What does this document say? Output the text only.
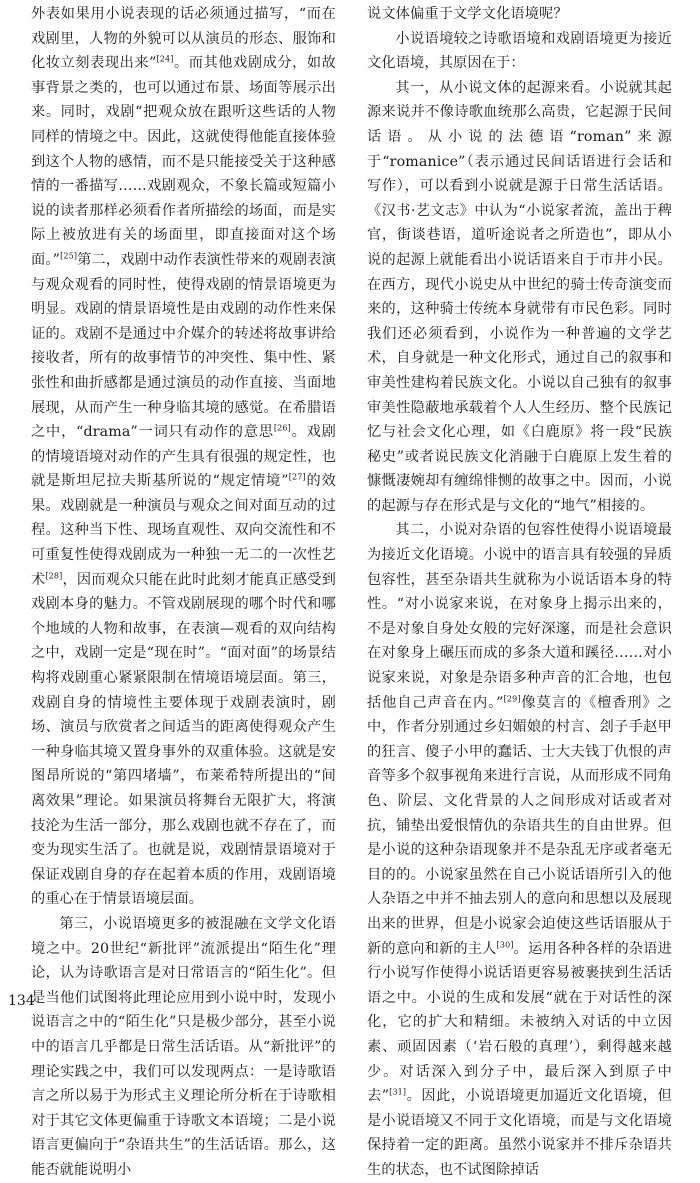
外表如果用小说表现的话必须通过描写，“而在戏剧里，人物的外貌可以从演员的形态、服饰和化妆立刻表现出来”[24]。而其他戏剧成分，如故事背景之类的，也可以通过布景、场面等展示出来。同时，戏剧“把观众放在跟听这些话的人物同样的情境之中。因此，这就使得他能直接体验到这个人物的感情，而不是只能接受关于这种感情的一番描写……戏剧观众，不象长篇或短篇小说的读者那样必须看作者所描绘的场面，而是实际上被放进有关的场面里，即直接面对这个场面。”[25]第二，戏剧中动作表演性带来的观剧表演与观众观看的同时性，使得戏剧的情景语境更为明显。戏剧的情景语境性是由戏剧的动作性来保证的。戏剧不是通过中介媒介的转述将故事讲给接收者，所有的故事情节的冲突性、集中性、紧张性和曲折感都是通过演员的动作直接、当面地展现，从而产生一种身临其境的感觉。在希腊语之中，“drama”一词只有动作的意思[26]。戏剧的情境语境对动作的产生具有很强的规定性，也就是斯坦尼拉夫斯基所说的“规定情境”[27]的效果。戏剧就是一种演员与观众之间对面互动的过程。这种当下性、现场直观性、双向交流性和不可重复性使得戏剧成为一种独一无二的一次性艺术[28]，因而观众只能在此时此刻才能真正感受到戏剧本身的魅力。不管戏剧展现的哪个时代和哪个地域的人物和故事，在表演—观看的双向结构之中，戏剧一定是“现在时”。“面对面”的场景结构将戏剧重心紧紧限制在情境语境层面。第三，戏剧自身的情境性主要体现于戏剧表演时，剧场、演员与欣赏者之间适当的距离使得观众产生一种身临其境又置身事外的双重体验。这就是安图昂所说的“第四堵墙”，布莱希特所提出的“间离效果”理论。如果演员将舞台无限扩大，将演技沦为生活一部分，那么戏剧也就不存在了，而变为现实生活了。也就是说，戏剧情景语境对于保证戏剧自身的存在起着本质的作用，戏剧语境的重心在于情景语境层面。

第三，小说语境更多的被混融在文学文化语境之中。20世纪“新批评”流派提出“陌生化”理论，认为诗歌语言是对日常语言的“陌生化”。但是当他们试图将此理论应用到小说中时，发现小说语言之中的“陌生化”只是极少部分，甚至小说中的语言几乎都是日常生活话语。从“新批评”的理论实践之中，我们可以发现两点：一是诗歌语言之所以易于为形式主义理论所分析在于诗歌相对于其它文体更偏重于诗歌文本语境；二是小说语言更偏向于“杂语共生”的生活话语。那么，这能否就能说明小

说文体偏重于文学文化语境呢？

小说语境较之诗歌语境和戏剧语境更为接近文化语境，其原因在于：

其一，从小说文体的起源来看。小说就其起源来说并不像诗歌血统那么高贵，它起源于民间话语。从小说的法德语“roman”来源于“romanice”（表示通过民间话语进行会话和写作），可以看到小说就是源于日常生活话语。《汉书·艺文志》中认为“小说家者流，盖出于稗官，街谈巷语，道听途说者之所造也”，即从小说的起源上就能看出小说话语来自于市井小民。在西方，现代小说史从中世纪的骑士传奇演变而来的，这种骑士传统本身就带有市民色彩。同时我们还必须看到，小说作为一种普遍的文学艺术，自身就是一种文化形式，通过自己的叙事和审美性建构着民族文化。小说以自己独有的叙事审美性隐蔽地承载着个人人生经历、整个民族记忆与社会文化心理，如《白鹿原》将一段“民族秘史”或者说民族文化消融于白鹿原上发生着的慷慨凄婉却有缠绵悱恻的故事之中。因而，小说的起源与存在形式是与文化的“地气”相接的。

其二，小说对杂语的包容性使得小说语境最为接近文化语境。小说中的语言具有较强的异质包容性，甚至杂语共生就称为小说话语本身的特性。“对小说家来说，在对象身上揭示出来的，不是对象自身处女般的完好深邃，而是社会意识在对象身上碾压而成的多条大道和蹊径……对小说家来说，对象是杂语多种声音的汇合地，也包括他自己声音在内。”[29]像莫言的《檀香刑》之中，作者分别通过乡妇媚娘的村言、刽子手赵甲的狂言、傻子小甲的蠢话、士大夫钱丁仇恨的声音等多个叙事视角来进行言说，从而形成不同角色、阶层、文化背景的人之间形成对话或者对抗，铺垫出爱恨情仇的杂语共生的自由世界。但是小说的这种杂语现象并不是杂乱无序或者毫无目的的。小说家虽然在自己小说话语所引入的他人杂语之中并不抽去别人的意向和思想以及展现出来的世界，但是小说家会迫使这些话语服从于新的意向和新的主人[30]。运用各种各样的杂语进行小说写作使得小说话语更容易被裹挟到生活话语之中。小说的生成和发展“就在于对话性的深化，它的扩大和精细。未被纳入对话的中立因素、顽固因素（‘岩石般的真理’），剩得越来越少。对话深入到分子中，最后深入到原子中去”[31]。因此，小说语境更加逼近文化语境，但是小说语境又不同于文化语境，而是与文化语境保持着一定的距离。虽然小说家并不排斥杂语共生的状态，也不试图除掉话

134
